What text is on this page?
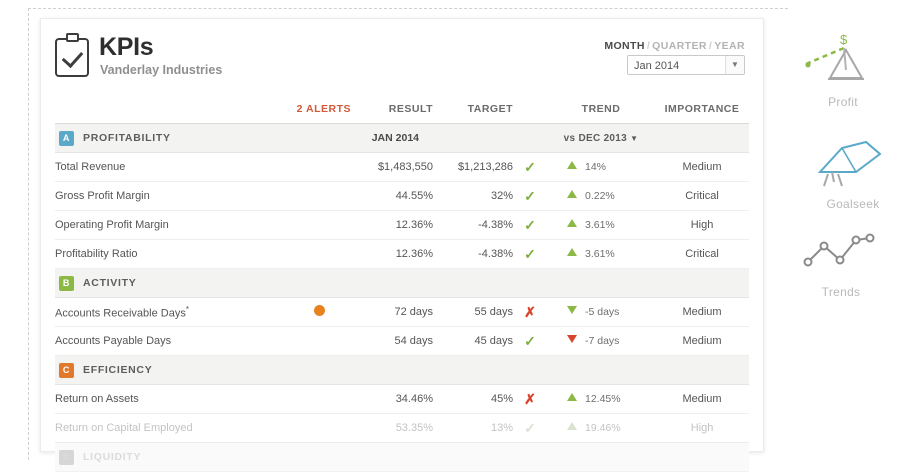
KPIs
Vanderlay Industries
MONTH / QUARTER / YEAR
Jan 2014	▼
	2 ALERTS	RESULT	TARGET		TREND	IMPORTANCE

A PROFITABILITY		JAN 2014			vs DEC 2013 ▼	
Total Revenue		$1,483,550	$1,213,286	✓	14%	Medium
Gross Profit Margin		44.55%	32%	✓	0.22%	Critical
Operating Profit Margin		12.36%	-4.38%	✓	3.61%	High
Profitability Ratio		12.36%	-4.38%	✓	3.61%	Critical

B ACTIVITY						

Accounts Receivable Days*		72 days	55 days	✗	-5 days	Medium
Accounts Payable Days		54 days	45 days	✓	-7 days	Medium

C EFFICIENCY						

Return on Assets		34.46%	45%	✗	12.45%	Medium
Return on Capital Employed		53.35%	13%	✓	19.46%	High

D LIQUIDITY						

$
Profit
Goalseek
Trends
